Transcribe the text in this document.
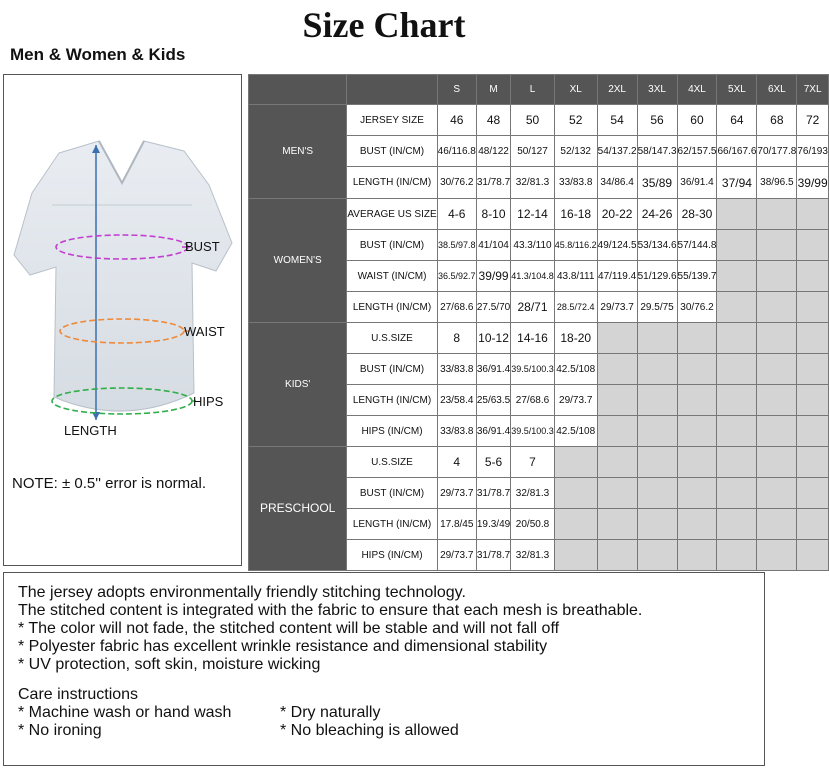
Size Chart
Men & Women & Kids
BUST
WAIST
HIPS
LENGTH
NOTE: ± 0.5'' error is normal.
		S	M	L	XL	2XL	3XL	4XL	5XL	6XL	7XL
MEN'S	JERSEY SIZE	46	48	50	52	54	56	60	64	68	72
	BUST (IN/CM)	46/116.8	48/122	50/127	52/132	54/137.2	58/147.3	62/157.5	66/167.6	70/177.8	76/193
	LENGTH (IN/CM)	30/76.2	31/78.7	32/81.3	33/83.8	34/86.4	35/89	36/91.4	37/94	38/96.5	39/99
WOMEN'S	AVERAGE US SIZE	4-6	8-10	12-14	16-18	20-22	24-26	28-30			
	BUST (IN/CM)	38.5/97.8	41/104	43.3/110	45.8/116.2	49/124.5	53/134.6	57/144.8			
	WAIST (IN/CM)	36.5/92.7	39/99	41.3/104.8	43.8/111	47/119.4	51/129.6	55/139.7			
	LENGTH (IN/CM)	27/68.6	27.5/70	28/71	28.5/72.4	29/73.7	29.5/75	30/76.2			
KIDS'	U.S.SIZE	8	10-12	14-16	18-20						
	BUST (IN/CM)	33/83.8	36/91.4	39.5/100.3	42.5/108						
	LENGTH (IN/CM)	23/58.4	25/63.5	27/68.6	29/73.7						
	HIPS (IN/CM)	33/83.8	36/91.4	39.5/100.3	42.5/108						
PRESCHOOL	U.S.SIZE	4	5-6	7							
	BUST (IN/CM)	29/73.7	31/78.7	32/81.3							
	LENGTH (IN/CM)	17.8/45	19.3/49	20/50.8							
	HIPS (IN/CM)	29/73.7	31/78.7	32/81.3							
The jersey adopts environmentally friendly stitching technology.
The stitched content is integrated with the fabric to ensure that each mesh is breathable.
* The color will not fade, the stitched content will be stable and will not fall off
* Polyester fabric has excellent wrinkle resistance and dimensional stability
* UV protection, soft skin, moisture wicking
Care instructions
* Machine wash or hand wash	* Dry naturally
* No ironing	* No bleaching is allowed
